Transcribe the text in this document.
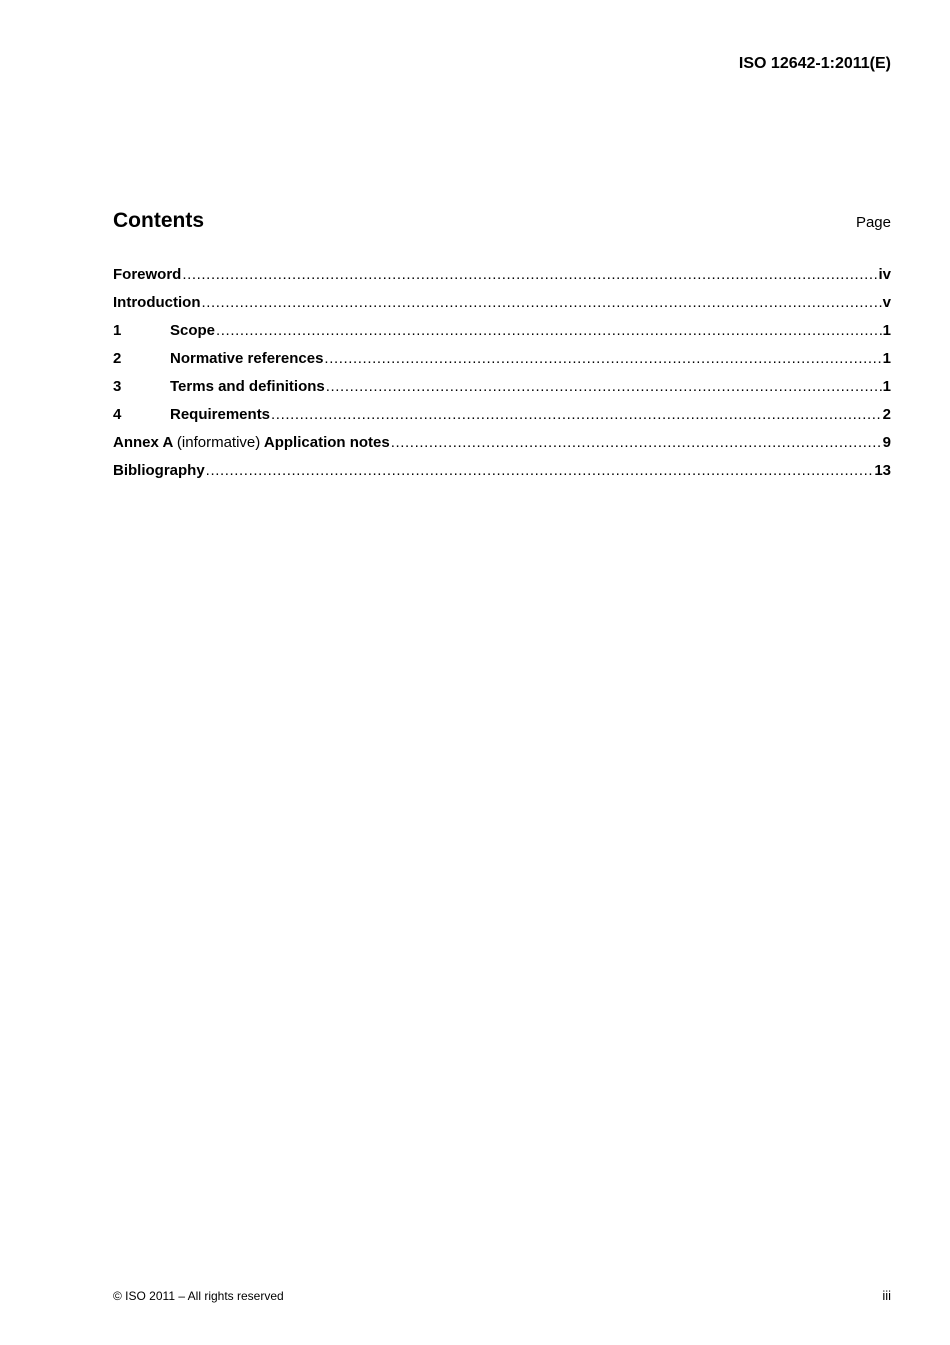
ISO 12642-1:2011(E)
Contents	Page
Foreword .....	iv
Introduction .....	v
1	Scope .....	1
2	Normative references .....	1
3	Terms and definitions .....	1
4	Requirements .....	2
Annex A (informative) Application notes .....	9
Bibliography .....	13
© ISO 2011 – All rights reserved	iii
